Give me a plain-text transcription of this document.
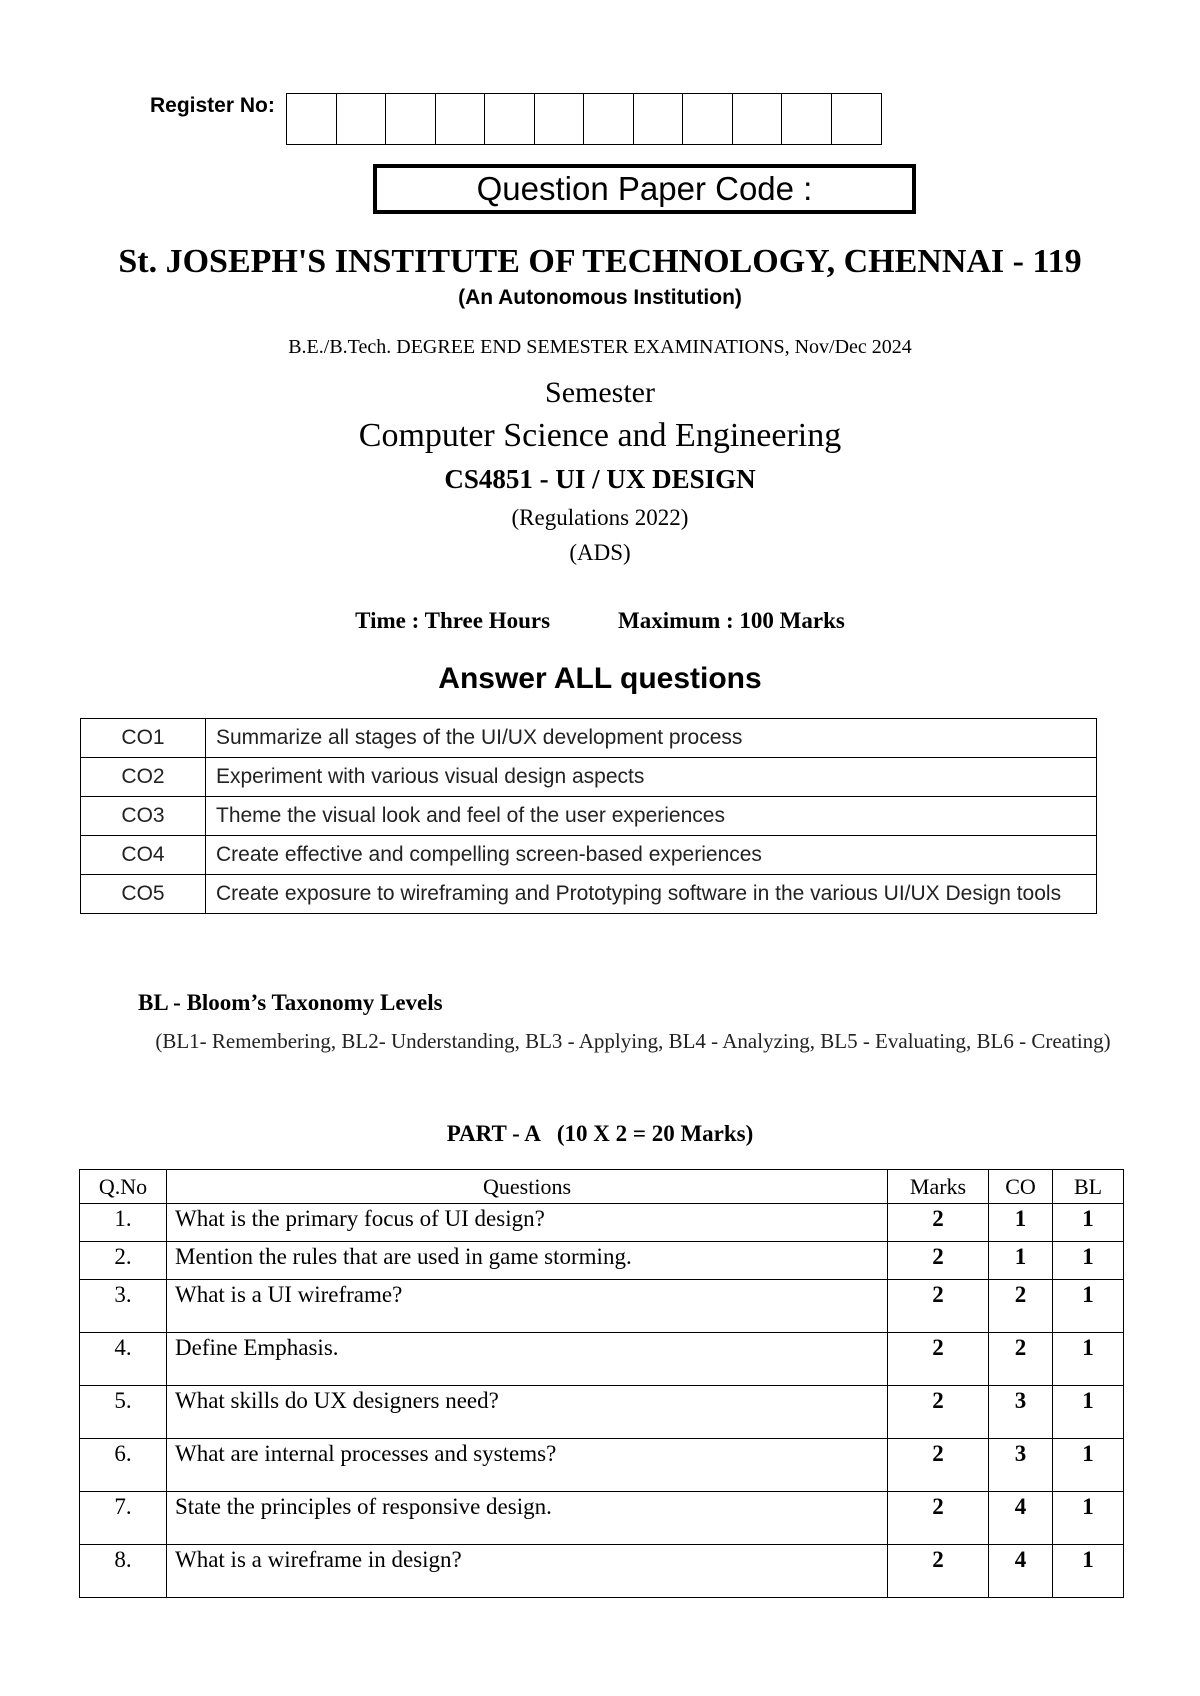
Register No:
Question Paper Code :
St. JOSEPH'S INSTITUTE OF TECHNOLOGY, CHENNAI - 119
(An Autonomous Institution)
B.E./B.Tech. DEGREE END SEMESTER EXAMINATIONS, Nov/Dec 2024
Semester
Computer Science and Engineering
CS4851 - UI / UX DESIGN
(Regulations 2022)
(ADS)
Time : Three Hours	Maximum : 100 Marks
Answer ALL questions
CO1	Summarize all stages of the UI/UX development process
CO2	Experiment with various visual design aspects
CO3	Theme the visual look and feel of the user experiences
CO4	Create effective and compelling screen-based experiences
CO5	Create exposure to wireframing and Prototyping software in the various UI/UX Design tools
BL - Bloom’s Taxonomy Levels
(BL1- Remembering, BL2- Understanding, BL3 - Applying, BL4 - Analyzing, BL5 - Evaluating, BL6 - Creating)
PART - A   (10 X 2 = 20 Marks)
Q.No	Questions	Marks	CO	BL
1.	What is the primary focus of UI design?	2	1	1
2.	Mention the rules that are used in game storming.	2	1	1
3.	What is a UI wireframe?	2	2	1
4.	Define Emphasis.	2	2	1
5.	What skills do UX designers need?	2	3	1
6.	What are internal processes and systems?	2	3	1
7.	State the principles of responsive design.	2	4	1
8.	What is a wireframe in design?	2	4	1
